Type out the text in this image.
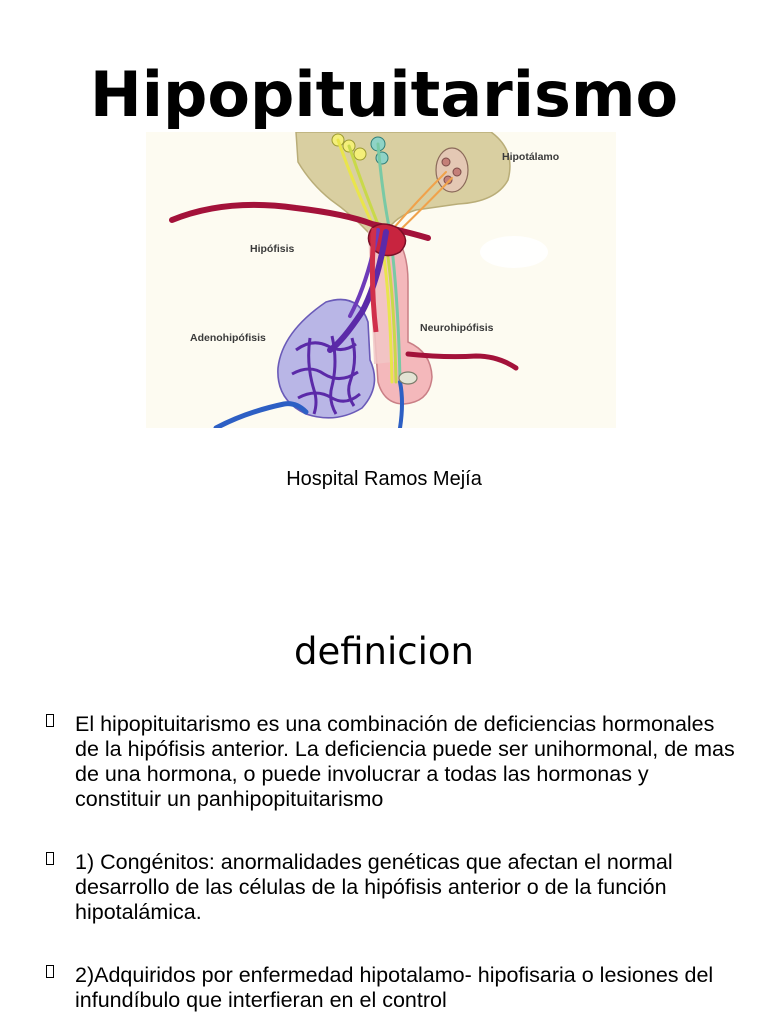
Hipotálamo
Hipófisis
Adenohipófisis
Neurohipófisis
Hipopituitarismo
Hospital Ramos Mejía
definicion
El hipopituitarismo es una combinación de deficiencias hormonales de la hipófisis anterior. La deficiencia puede ser unihormonal, de mas de una hormona, o puede involucrar a todas las hormonas y constituir un panhipopituitarismo
1) Congénitos: anormalidades genéticas que afectan el normal desarrollo de las células de la hipófisis anterior o de la función hipotalámica.
2)Adquiridos por enfermedad hipotalamo- hipofisaria o lesiones del infundíbulo que interfieran en el control
